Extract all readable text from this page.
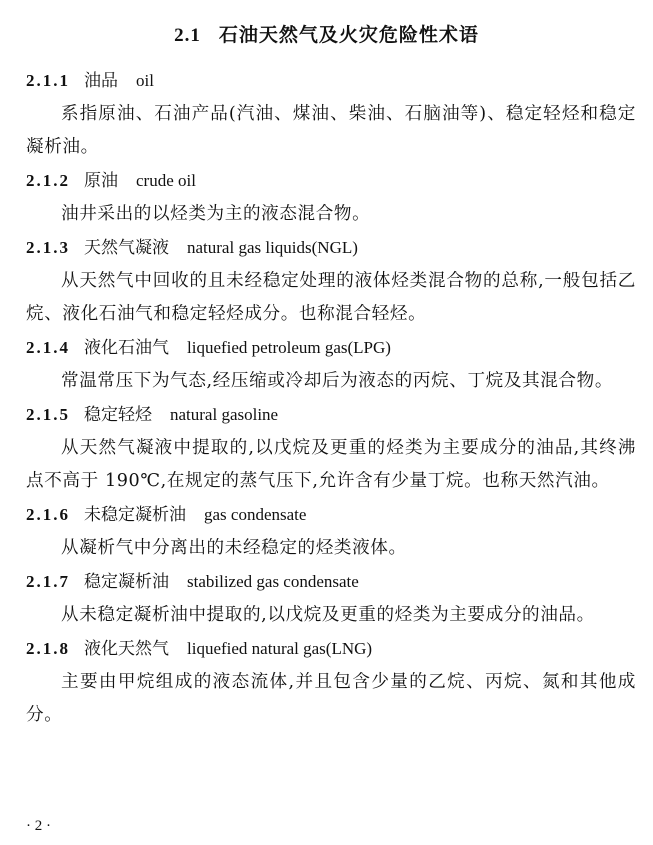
2.1 石油天然气及火灾危险性术语
2.1.1 油品 oil

系指原油、石油产品(汽油、煤油、柴油、石脑油等)、稳定轻烃和稳定凝析油。

2.1.2 原油 crude oil

油井采出的以烃类为主的液态混合物。

2.1.3 天然气凝液 natural gas liquids(NGL)

从天然气中回收的且未经稳定处理的液体烃类混合物的总称,一般包括乙烷、液化石油气和稳定轻烃成分。也称混合轻烃。

2.1.4 液化石油气 liquefied petroleum gas(LPG)

常温常压下为气态,经压缩或冷却后为液态的丙烷、丁烷及其混合物。

2.1.5 稳定轻烃 natural gasoline

从天然气凝液中提取的,以戊烷及更重的烃类为主要成分的油品,其终沸点不高于 190℃,在规定的蒸气压下,允许含有少量丁烷。也称天然汽油。

2.1.6 未稳定凝析油 gas condensate

从凝析气中分离出的未经稳定的烃类液体。

2.1.7 稳定凝析油 stabilized gas condensate

从未稳定凝析油中提取的,以戊烷及更重的烃类为主要成分的油品。

2.1.8 液化天然气 liquefied natural gas(LNG)

主要由甲烷组成的液态流体,并且包含少量的乙烷、丙烷、氮和其他成分。

· 2 ·
